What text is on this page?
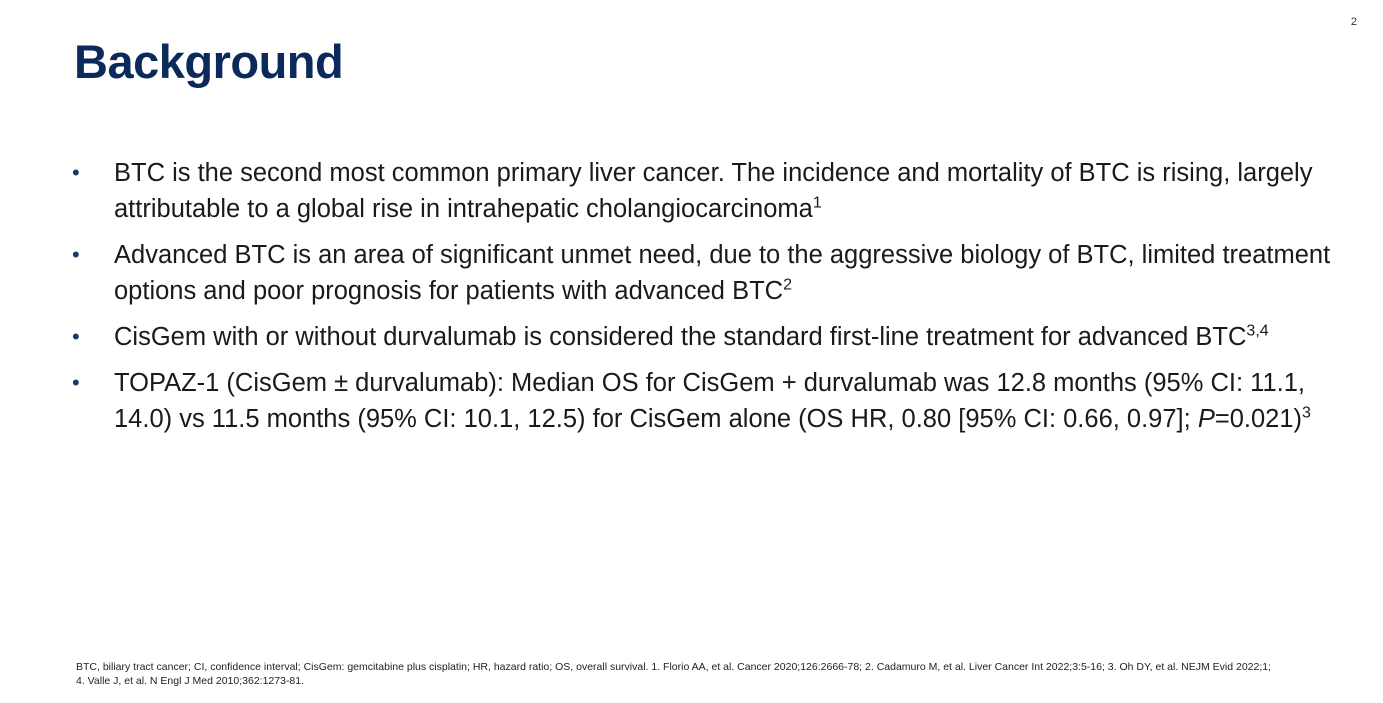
2
Background
•	BTC is the second most common primary liver cancer. The incidence and mortality of BTC is rising, largely attributable to a global rise in intrahepatic cholangiocarcinoma$^1$
•	Advanced BTC is an area of significant unmet need, due to the aggressive biology of BTC, limited treatment options and poor prognosis for patients with advanced BTC$^2$
•	CisGem with or without durvalumab is considered the standard first-line treatment for advanced BTC$^{3,4}$
•	TOPAZ-1 (CisGem ± durvalumab): Median OS for CisGem + durvalumab was 12.8 months (95% CI: 11.1, 14.0) vs 11.5 months (95% CI: 10.1, 12.5) for CisGem alone (OS HR, 0.80 [95% CI: 0.66, 0.97]; P=0.021)$^3$
BTC, biliary tract cancer; CI, confidence interval; CisGem: gemcitabine plus cisplatin; HR, hazard ratio; OS, overall survival. 1. Florio AA, et al. Cancer 2020;126:2666-78; 2. Cadamuro M, et al. Liver Cancer Int 2022;3:5-16; 3. Oh DY, et al. NEJM Evid 2022;1; 4. Valle J, et al. N Engl J Med 2010;362:1273-81.
